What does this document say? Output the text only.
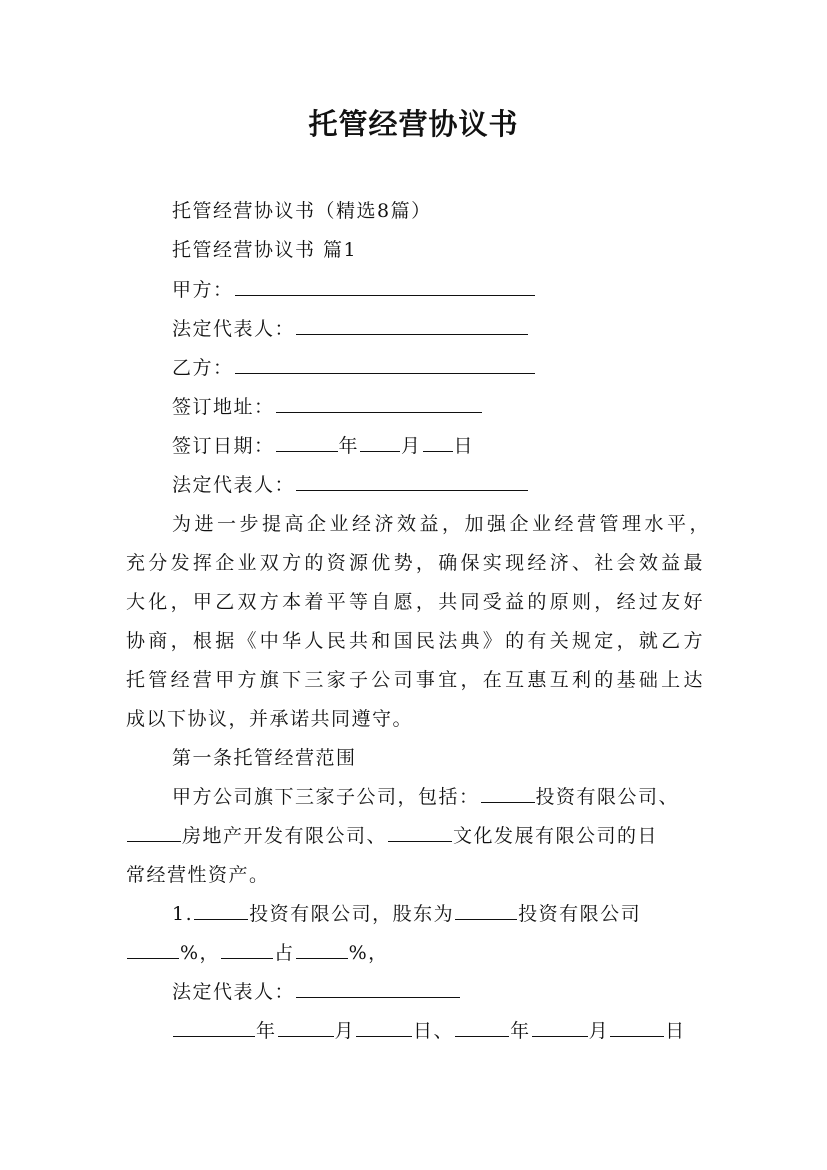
托管经营协议书
托管经营协议书（精选8篇）
托管经营协议书 篇1
甲方：
法定代表人：
乙方：
签订地址：
签订日期：	年 月 日
法定代表人：
为进一步提高企业经济效益，加强企业经营管理水平，
充分发挥企业双方的资源优势，确保实现经济、社会效益最
大化，甲乙双方本着平等自愿，共同受益的原则，经过友好
协商，根据《中华人民共和国民法典》的有关规定，就乙方
托管经营甲方旗下三家子公司事宜，在互惠互利的基础上达
成以下协议，并承诺共同遵守。
第一条托管经营范围
甲方公司旗下三家子公司，包括：	投资有限公司、
房地产开发有限公司、	文化发展有限公司的日
常经营性资产。
1.	投资有限公司，股东为	投资有限公司
%，	占	%，
法定代表人：
年	月	日、	年	月	日
